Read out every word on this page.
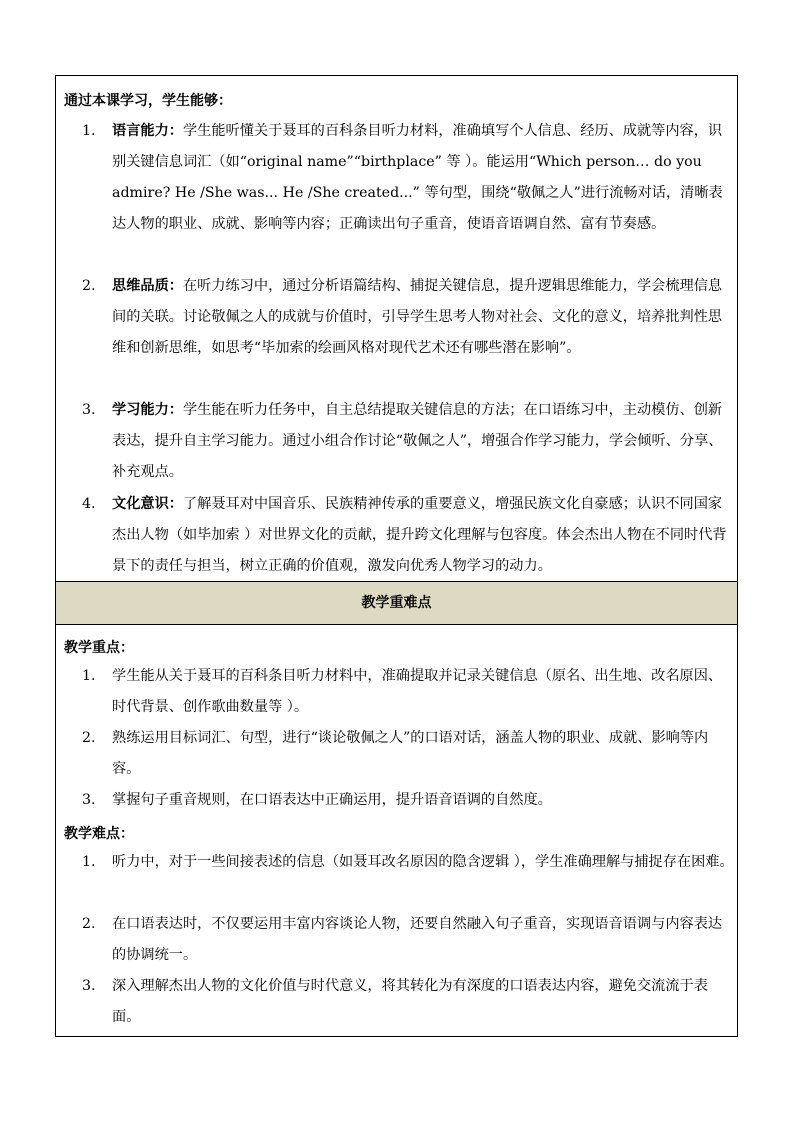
通过本课学习，学生能够：
1.	语言能力：学生能听懂关于聂耳的百科条目听力材料，准确填写个人信息、经历、成就等内容，识别关键信息词汇（如“original name”“birthplace” 等 ）。能运用“Which person… do you admire? He /She was... He /She created...” 等句型，围绕“敬佩之人”进行流畅对话，清晰表达人物的职业、成就、影响等内容；正确读出句子重音，使语音语调自然、富有节奏感。
2.	思维品质：在听力练习中，通过分析语篇结构、捕捉关键信息，提升逻辑思维能力，学会梳理信息间的关联。讨论敬佩之人的成就与价值时，引导学生思考人物对社会、文化的意义，培养批判性思维和创新思维，如思考“毕加索的绘画风格对现代艺术还有哪些潜在影响”。
3.	学习能力：学生能在听力任务中，自主总结提取关键信息的方法；在口语练习中，主动模仿、创新表达，提升自主学习能力。通过小组合作讨论“敬佩之人”，增强合作学习能力，学会倾听、分享、补充观点。
4.	文化意识：了解聂耳对中国音乐、民族精神传承的重要意义，增强民族文化自豪感；认识不同国家杰出人物（如毕加索 ）对世界文化的贡献，提升跨文化理解与包容度。体会杰出人物在不同时代背景下的责任与担当，树立正确的价值观，激发向优秀人物学习的动力。
教学重难点
教学重点：
1.	学生能从关于聂耳的百科条目听力材料中，准确提取并记录关键信息（原名、出生地、改名原因、时代背景、创作歌曲数量等 ）。
2.	熟练运用目标词汇、句型，进行“谈论敬佩之人”的口语对话，涵盖人物的职业、成就、影响等内容。
3.	掌握句子重音规则，在口语表达中正确运用，提升语音语调的自然度。
教学难点：
1.	听力中，对于一些间接表述的信息（如聂耳改名原因的隐含逻辑 ），学生准确理解与捕捉存在困难。
2.	在口语表达时，不仅要运用丰富内容谈论人物，还要自然融入句子重音，实现语音语调与内容表达的协调统一。
3.	深入理解杰出人物的文化价值与时代意义，将其转化为有深度的口语表达内容，避免交流流于表面。
